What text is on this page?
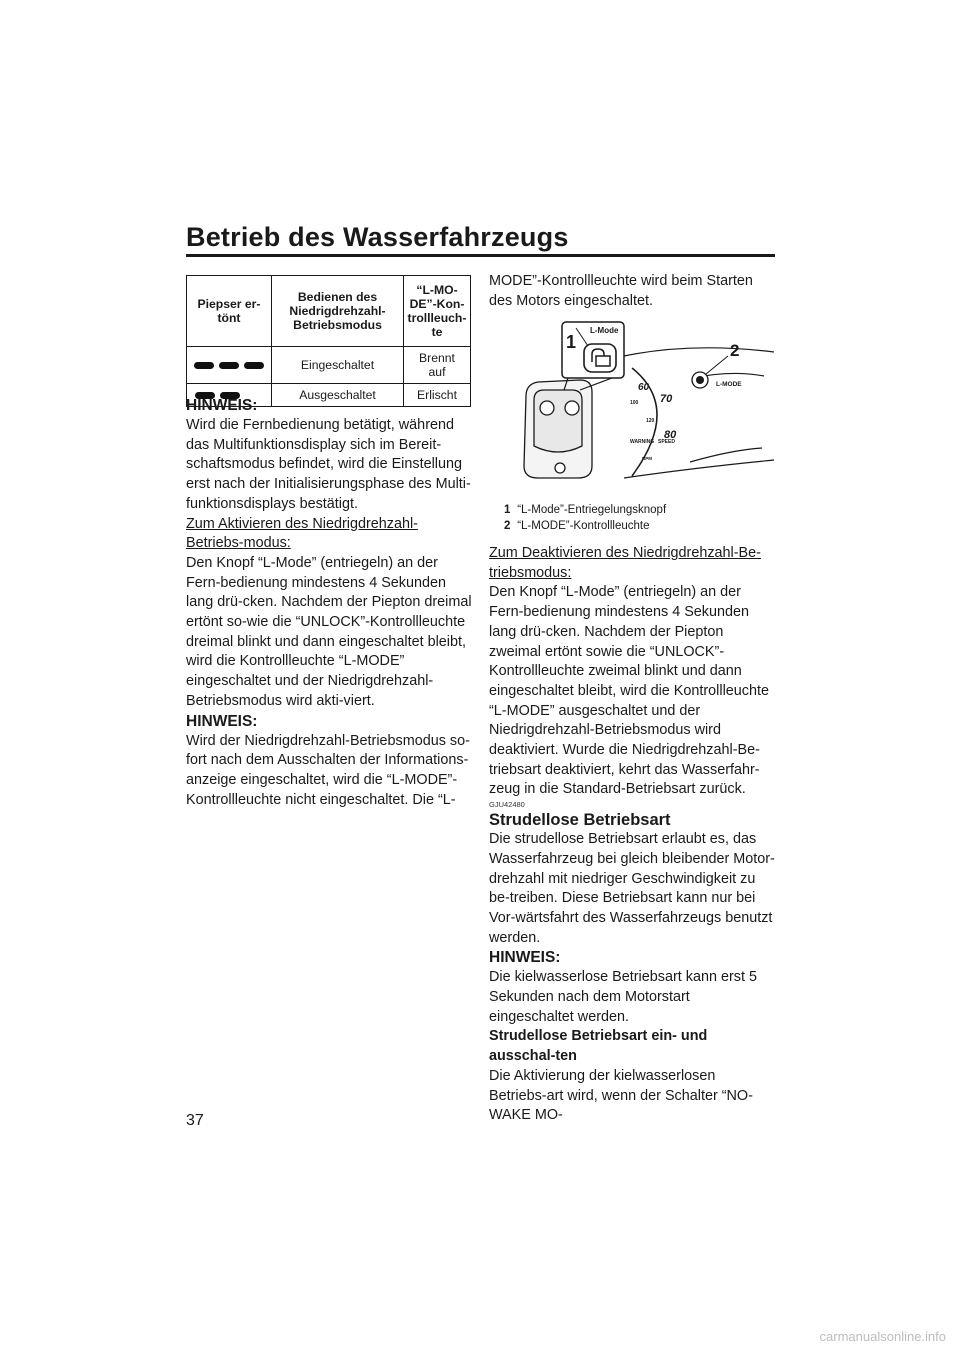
Betrieb des Wasserfahrzeugs
Piepser er-tönt	Bedienen des Niedrigdrehzahl-Betriebsmodus	“L-MO-DE”-Kon-trollleuch-te

	Eingeschaltet	Brennt auf

	Ausgeschaltet	Erlischt

HINWEIS:

Wird die Fernbedienung betätigt, während das Multifunktionsdisplay sich im Bereit-schaftsmodus befindet, wird die Einstellung erst nach der Initialisierungsphase des Multi-funktionsdisplays bestätigt.

Zum Aktivieren des Niedrigdrehzahl-Betriebs-modus:

Den Knopf “L-Mode” (entriegeln) an der Fern-bedienung mindestens 4 Sekunden lang drü-cken. Nachdem der Piepton dreimal ertönt so-wie die “UNLOCK”-Kontrollleuchte dreimal blinkt und dann eingeschaltet bleibt, wird die Kontrollleuchte “L-MODE” eingeschaltet und der Niedrigdrehzahl-Betriebsmodus wird akti-viert.

HINWEIS:

Wird der Niedrigdrehzahl-Betriebsmodus so-fort nach dem Ausschalten der Informations-anzeige eingeschaltet, wird die “L-MODE”-Kontrollleuchte nicht eingeschaltet. Die “L-

MODE”-Kontrollleuchte wird beim Starten des Motors eingeschaltet.

L-Mode
1
60
70
80
100
120
WARNING SPEED
RPM
2
L-MODE
1 “L-Mode”-Entriegelungsknopf
2 “L-MODE”-Kontrollleuchte

Zum Deaktivieren des Niedrigdrehzahl-Be-triebsmodus:

Den Knopf “L-Mode” (entriegeln) an der Fern-bedienung mindestens 4 Sekunden lang drü-cken. Nachdem der Piepton zweimal ertönt sowie die “UNLOCK”-Kontrollleuchte zweimal blinkt und dann eingeschaltet bleibt, wird die Kontrollleuchte “L-MODE” ausgeschaltet und der Niedrigdrehzahl-Betriebsmodus wird deaktiviert. Wurde die Niedrigdrehzahl-Be-triebsart deaktiviert, kehrt das Wasserfahr-zeug in die Standard-Betriebsart zurück.

GJU42480

Strudellose Betriebsart

Die strudellose Betriebsart erlaubt es, das Wasserfahrzeug bei gleich bleibender Motor-drehzahl mit niedriger Geschwindigkeit zu be-treiben. Diese Betriebsart kann nur bei Vor-wärtsfahrt des Wasserfahrzeugs benutzt werden.

HINWEIS:

Die kielwasserlose Betriebsart kann erst 5 Sekunden nach dem Motorstart eingeschaltet werden.

Strudellose Betriebsart ein- und ausschal-ten

Die Aktivierung der kielwasserlosen Betriebs-art wird, wenn der Schalter “NO-WAKE MO-

37
carmanualsonline.info
